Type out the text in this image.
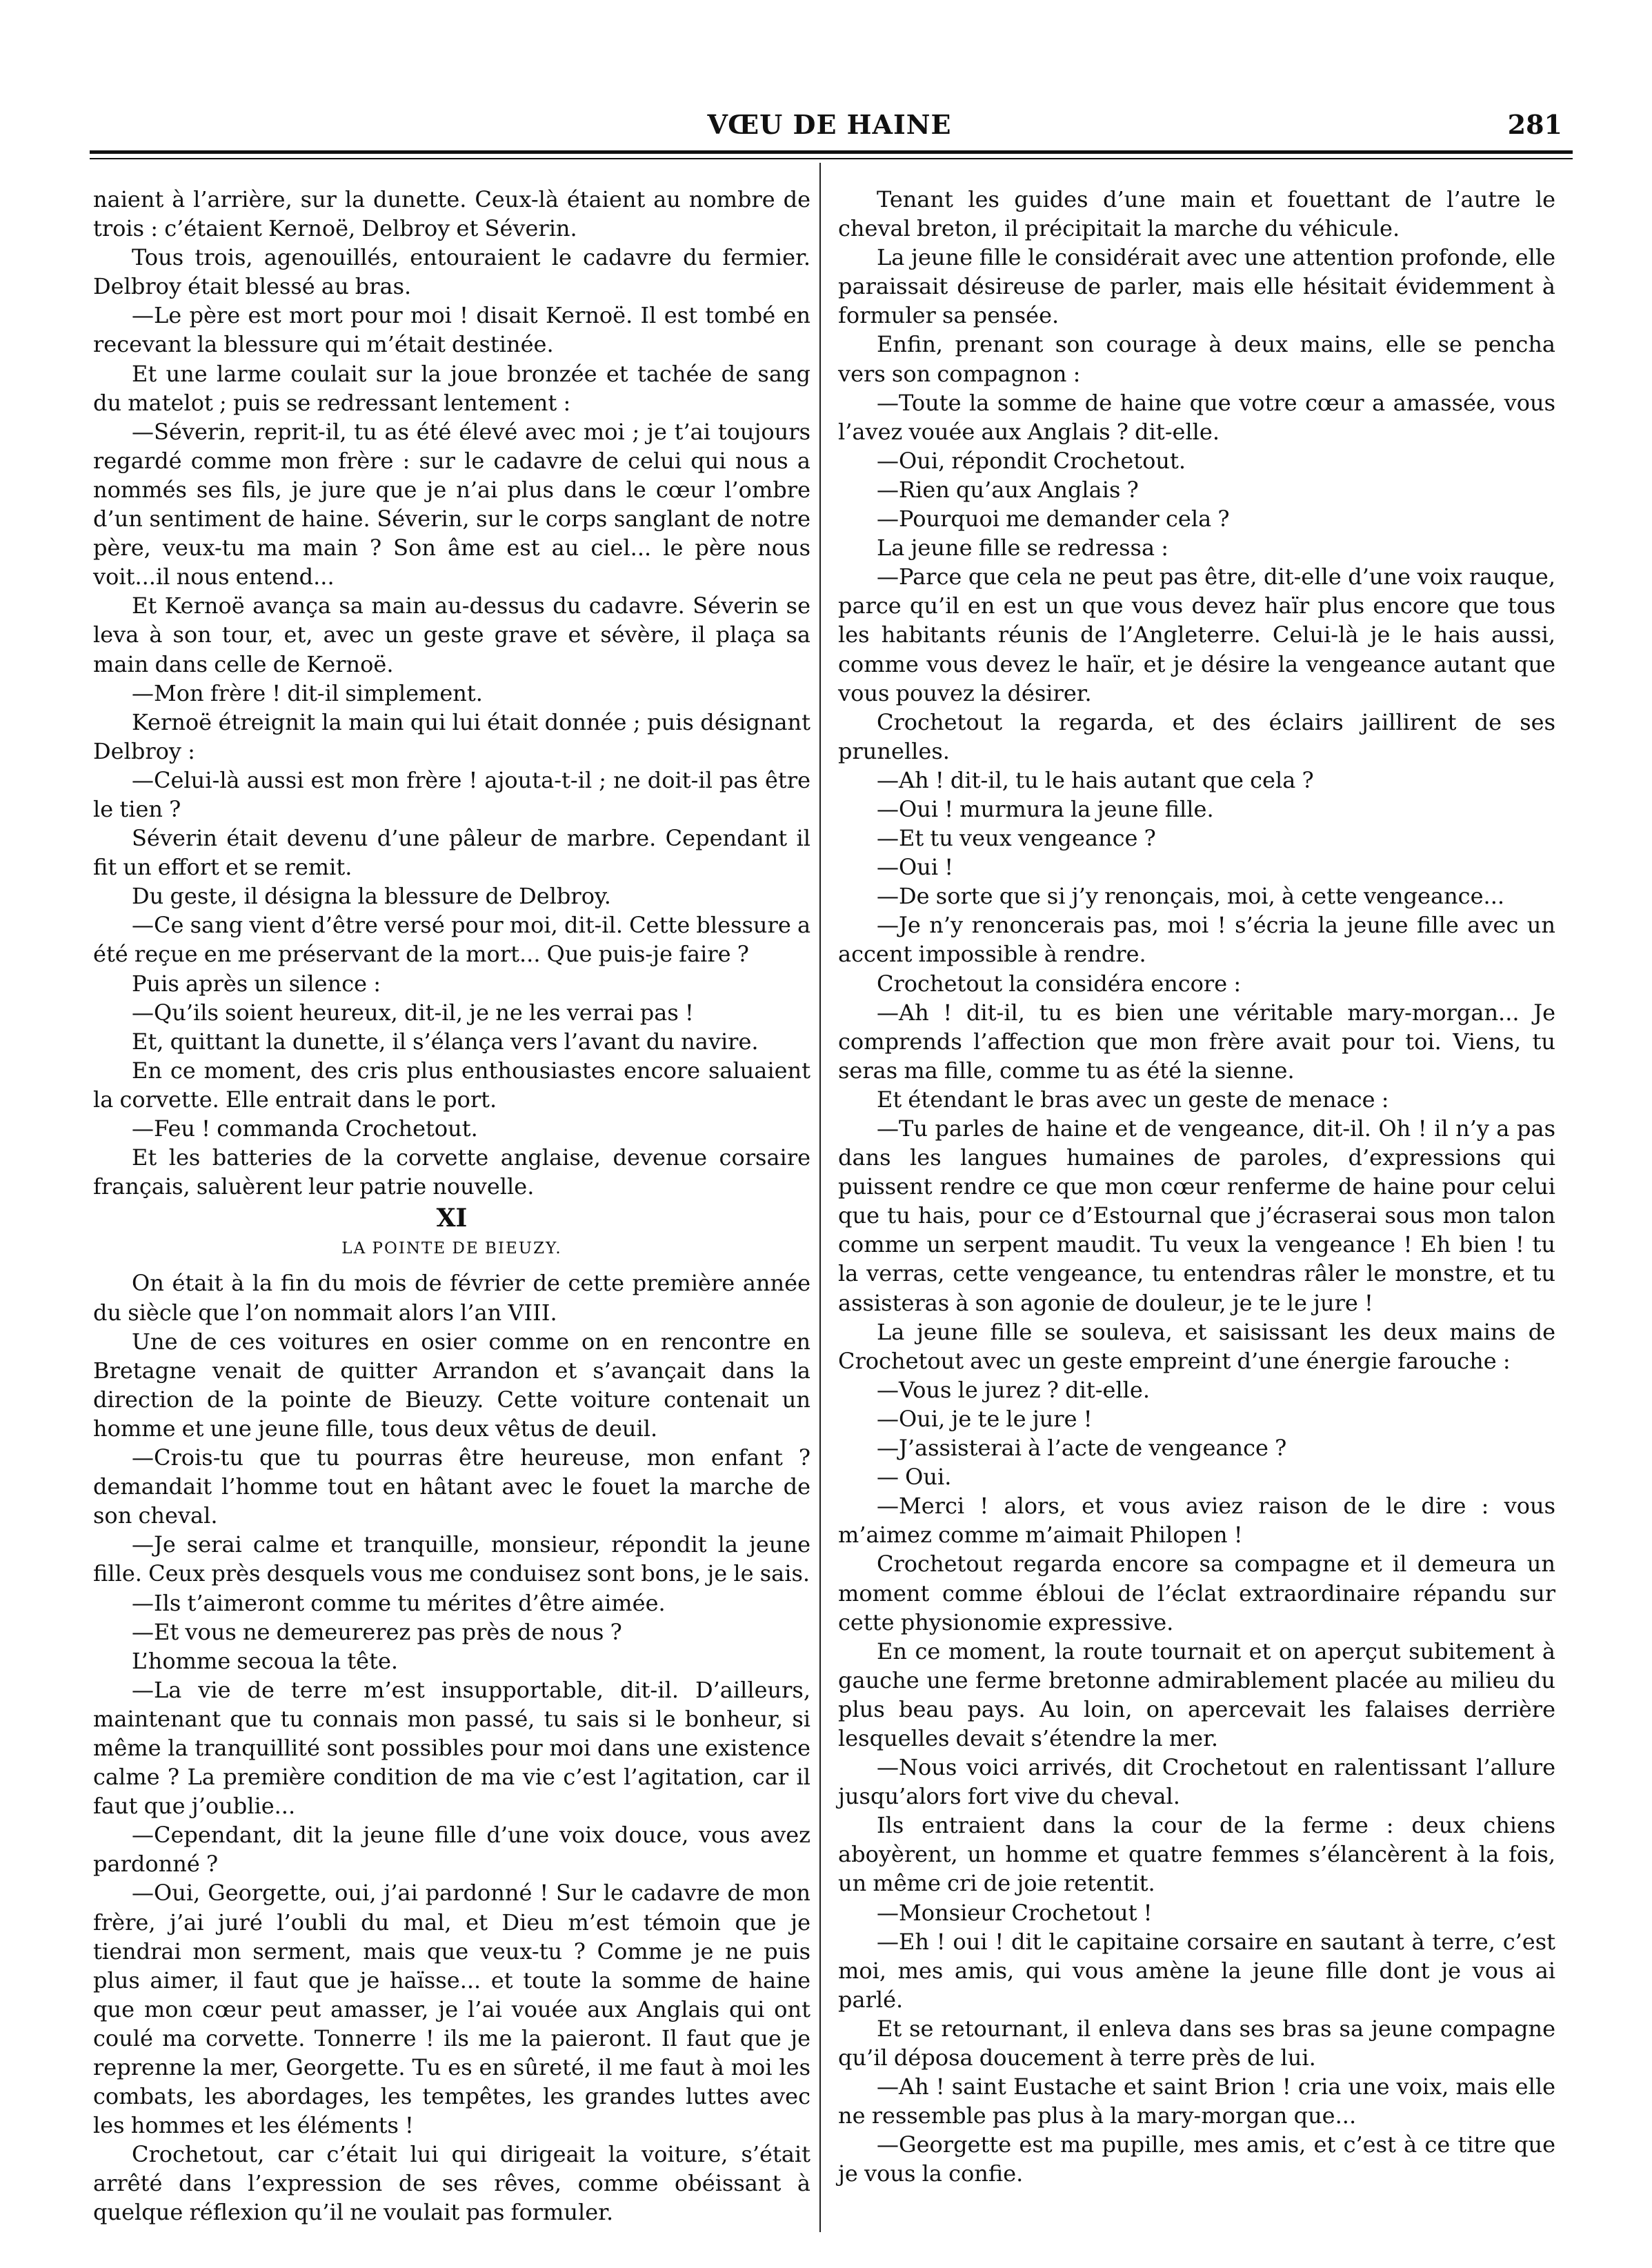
VŒU DE HAINE	281

naient à l’arrière, sur la dunette. Ceux-là étaient au nombre de trois : c’étaient Kernoë, Delbroy et Séverin.

Tous trois, agenouillés, entouraient le cadavre du fermier. Delbroy était blessé au bras.

—Le père est mort pour moi ! disait Kernoë. Il est tombé en recevant la blessure qui m’était destinée.

Et une larme coulait sur la joue bronzée et tachée de sang du matelot ; puis se redressant lentement :

—Séverin, reprit-il, tu as été élevé avec moi ; je t’ai toujours regardé comme mon frère : sur le cadavre de celui qui nous a nommés ses fils, je jure que je n’ai plus dans le cœur l’ombre d’un sentiment de haine. Séverin, sur le corps sanglant de notre père, veux-tu ma main ? Son âme est au ciel... le père nous voit...il nous entend...

Et Kernoë avança sa main au-dessus du cadavre. Séverin se leva à son tour, et, avec un geste grave et sévère, il plaça sa main dans celle de Kernoë.

—Mon frère ! dit-il simplement.

Kernoë étreignit la main qui lui était donnée ; puis désignant Delbroy :

—Celui-là aussi est mon frère ! ajouta-t-il ; ne doit-il pas être le tien ?

Séverin était devenu d’une pâleur de marbre. Cependant il fit un effort et se remit.

Du geste, il désigna la blessure de Delbroy.

—Ce sang vient d’être versé pour moi, dit-il. Cette blessure a été reçue en me préservant de la mort... Que puis-je faire ?

Puis après un silence :

—Qu’ils soient heureux, dit-il, je ne les verrai pas !

Et, quittant la dunette, il s’élança vers l’avant du navire.

En ce moment, des cris plus enthousiastes encore saluaient la corvette. Elle entrait dans le port.

—Feu ! commanda Crochetout.

Et les batteries de la corvette anglaise, devenue corsaire français, saluèrent leur patrie nouvelle.

XI
LA POINTE DE BIEUZY.

On était à la fin du mois de février de cette première année du siècle que l’on nommait alors l’an VIII.

Une de ces voitures en osier comme on en rencontre en Bretagne venait de quitter Arrandon et s’avançait dans la direction de la pointe de Bieuzy. Cette voiture contenait un homme et une jeune fille, tous deux vêtus de deuil.

—Crois-tu que tu pourras être heureuse, mon enfant ? demandait l’homme tout en hâtant avec le fouet la marche de son cheval.

—Je serai calme et tranquille, monsieur, répondit la jeune fille. Ceux près desquels vous me conduisez sont bons, je le sais.

—Ils t’aimeront comme tu mérites d’être aimée.

—Et vous ne demeurerez pas près de nous ?

L’homme secoua la tête.

—La vie de terre m’est insupportable, dit-il. D’ailleurs, maintenant que tu connais mon passé, tu sais si le bonheur, si même la tranquillité sont possibles pour moi dans une existence calme ? La première condition de ma vie c’est l’agitation, car il faut que j’oublie...

—Cependant, dit la jeune fille d’une voix douce, vous avez pardonné ?

—Oui, Georgette, oui, j’ai pardonné ! Sur le cadavre de mon frère, j’ai juré l’oubli du mal, et Dieu m’est témoin que je tiendrai mon serment, mais que veux-tu ? Comme je ne puis plus aimer, il faut que je haïsse... et toute la somme de haine que mon cœur peut amasser, je l’ai vouée aux Anglais qui ont coulé ma corvette. Tonnerre ! ils me la paieront. Il faut que je reprenne la mer, Georgette. Tu es en sûreté, il me faut à moi les combats, les abordages, les tempêtes, les grandes luttes avec les hommes et les éléments !

Crochetout, car c’était lui qui dirigeait la voiture, s’était arrêté dans l’expression de ses rêves, comme obéissant à quelque réflexion qu’il ne voulait pas formuler.

Tenant les guides d’une main et fouettant de l’autre le cheval breton, il précipitait la marche du véhicule.

La jeune fille le considérait avec une attention profonde, elle paraissait désireuse de parler, mais elle hésitait évidemment à formuler sa pensée.

Enfin, prenant son courage à deux mains, elle se pencha vers son compagnon :

—Toute la somme de haine que votre cœur a amassée, vous l’avez vouée aux Anglais ? dit-elle.

—Oui, répondit Crochetout.

—Rien qu’aux Anglais ?

—Pourquoi me demander cela ?

La jeune fille se redressa :

—Parce que cela ne peut pas être, dit-elle d’une voix rauque, parce qu’il en est un que vous devez haïr plus encore que tous les habitants réunis de l’Angleterre. Celui-là je le hais aussi, comme vous devez le haïr, et je désire la vengeance autant que vous pouvez la désirer.

Crochetout la regarda, et des éclairs jaillirent de ses prunelles.

—Ah ! dit-il, tu le hais autant que cela ?

—Oui ! murmura la jeune fille.

—Et tu veux vengeance ?

—Oui !

—De sorte que si j’y renonçais, moi, à cette vengeance...

—Je n’y renoncerais pas, moi ! s’écria la jeune fille avec un accent impossible à rendre.

Crochetout la considéra encore :

—Ah ! dit-il, tu es bien une véritable mary-morgan... Je comprends l’affection que mon frère avait pour toi. Viens, tu seras ma fille, comme tu as été la sienne.

Et étendant le bras avec un geste de menace :

—Tu parles de haine et de vengeance, dit-il. Oh ! il n’y a pas dans les langues humaines de paroles, d’expressions qui puissent rendre ce que mon cœur renferme de haine pour celui que tu hais, pour ce d’Estournal que j’écraserai sous mon talon comme un serpent maudit. Tu veux la vengeance ! Eh bien ! tu la verras, cette vengeance, tu entendras râler le monstre, et tu assisteras à son agonie de douleur, je te le jure !

La jeune fille se souleva, et saisissant les deux mains de Crochetout avec un geste empreint d’une énergie farouche :

—Vous le jurez ? dit-elle.

—Oui, je te le jure !

—J’assisterai à l’acte de vengeance ?

— Oui.

—Merci ! alors, et vous aviez raison de le dire : vous m’aimez comme m’aimait Philopen !

Crochetout regarda encore sa compagne et il demeura un moment comme ébloui de l’éclat extraordinaire répandu sur cette physionomie expressive.

En ce moment, la route tournait et on aperçut subitement à gauche une ferme bretonne admirablement placée au milieu du plus beau pays. Au loin, on apercevait les falaises derrière lesquelles devait s’étendre la mer.

—Nous voici arrivés, dit Crochetout en ralentissant l’allure jusqu’alors fort vive du cheval.

Ils entraient dans la cour de la ferme : deux chiens aboyèrent, un homme et quatre femmes s’élancèrent à la fois, un même cri de joie retentit.

—Monsieur Crochetout !

—Eh ! oui ! dit le capitaine corsaire en sautant à terre, c’est moi, mes amis, qui vous amène la jeune fille dont je vous ai parlé.

Et se retournant, il enleva dans ses bras sa jeune compagne qu’il déposa doucement à terre près de lui.

—Ah ! saint Eustache et saint Brion ! cria une voix, mais elle ne ressemble pas plus à la mary-morgan que...

—Georgette est ma pupille, mes amis, et c’est à ce titre que je vous la confie.
